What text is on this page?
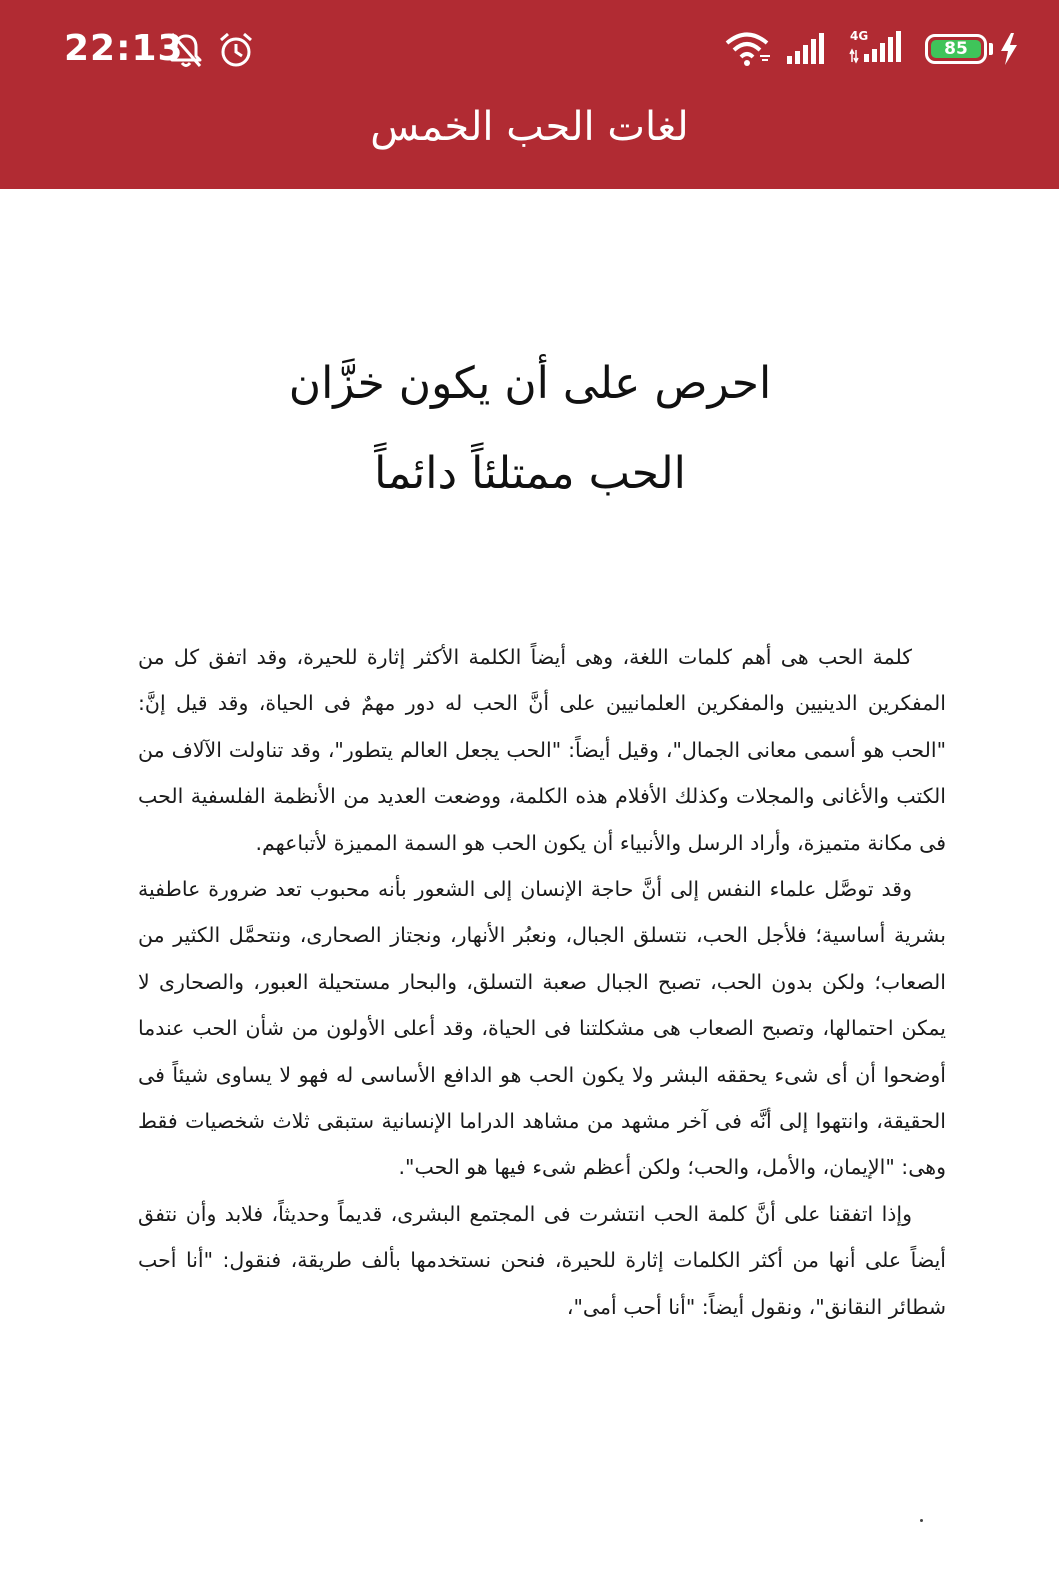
22:13	4G
85
لغات الحب الخمس
احرص على أن يكون خزَّان
الحب ممتلئاً دائماً

كلمة الحب هى أهم كلمات اللغة، وهى أيضاً الكلمة الأكثر إثارة للحيرة، وقد اتفق كل من المفكرين الدينيين والمفكرين العلمانيين على أنَّ الحب له دور مهمٌ فى الحياة، وقد قيل إنَّ: "الحب هو أسمى معانى الجمال"، وقيل أيضاً: "الحب يجعل العالم يتطور"، وقد تناولت الآلاف من الكتب والأغانى والمجلات وكذلك الأفلام هذه الكلمة، ووضعت العديد من الأنظمة الفلسفية الحب فى مكانة متميزة، وأراد الرسل والأنبياء أن يكون الحب هو السمة المميزة لأتباعهم.

وقد توصَّل علماء النفس إلى أنَّ حاجة الإنسان إلى الشعور بأنه محبوب تعد ضرورة عاطفية بشرية أساسية؛ فلأجل الحب، نتسلق الجبال، ونعبُر الأنهار، ونجتاز الصحارى، ونتحمَّل الكثير من الصعاب؛ ولكن بدون الحب، تصبح الجبال صعبة التسلق، والبحار مستحيلة العبور، والصحارى لا يمكن احتمالها، وتصبح الصعاب هى مشكلتنا فى الحياة، وقد أعلى الأولون من شأن الحب عندما أوضحوا أن أى شىء يحققه البشر ولا يكون الحب هو الدافع الأساسى له فهو لا يساوى شيئاً فى الحقيقة، وانتهوا إلى أنَّه فى آخر مشهد من مشاهد الدراما الإنسانية ستبقى ثلاث شخصيات فقط وهى: "الإيمان، والأمل، والحب؛ ولكن أعظم شىء فيها هو الحب".

وإذا اتفقنا على أنَّ كلمة الحب انتشرت فى المجتمع البشرى، قديماً وحديثاً، فلابد وأن نتفق أيضاً على أنها من أكثر الكلمات إثارة للحيرة، فنحن نستخدمها بألف طريقة، فنقول: "أنا أحب شطائر النقانق"، ونقول أيضاً: "أنا أحب أمى"،
